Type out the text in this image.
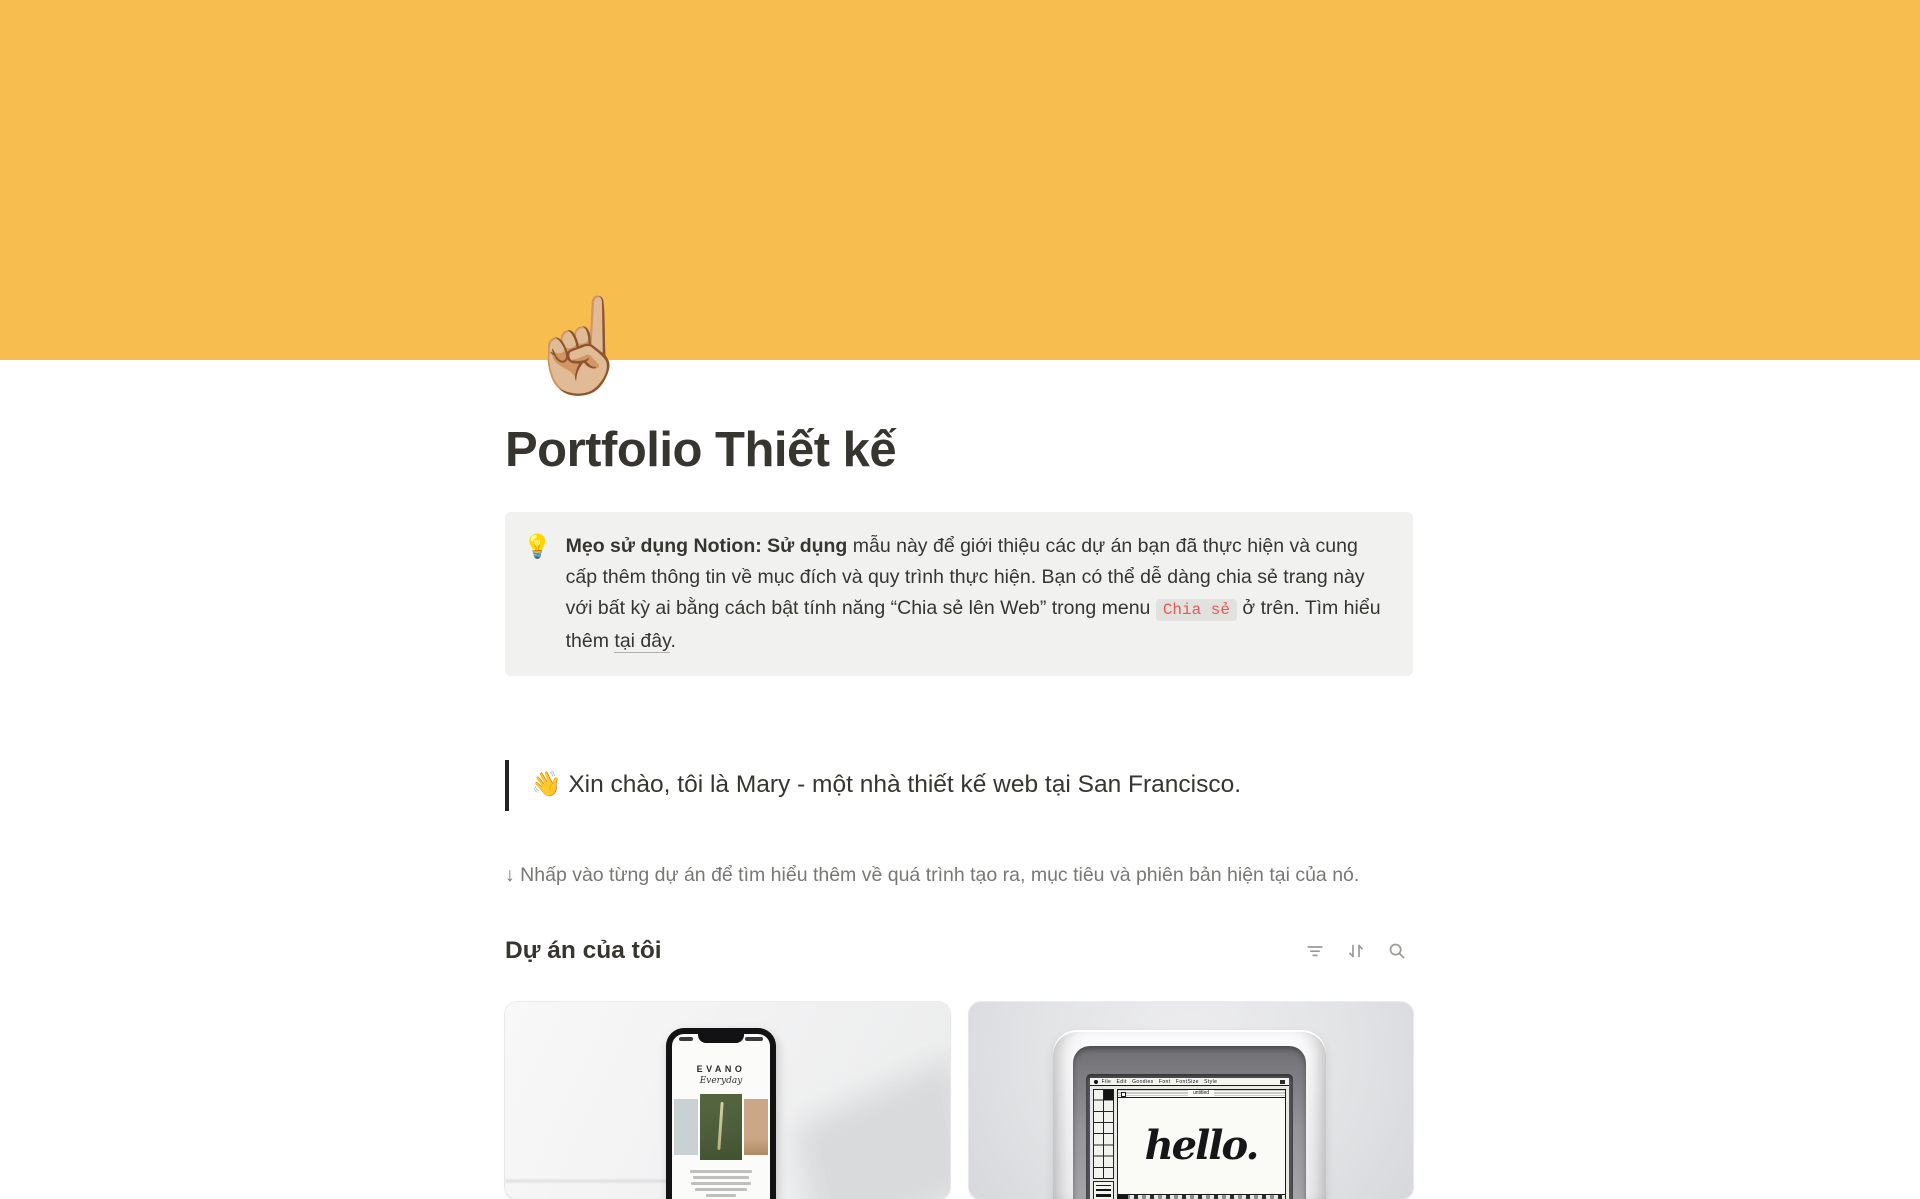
☝🏼
Portfolio Thiết kế
💡 Mẹo sử dụng Notion: Sử dụng mẫu này để giới thiệu các dự án bạn đã thực hiện và cung cấp thêm thông tin về mục đích và quy trình thực hiện. Bạn có thể dễ dàng chia sẻ trang này với bất kỳ ai bằng cách bật tính năng “Chia sẻ lên Web” trong menu Chia sẻ ở trên. Tìm hiểu thêm tại đây.

👋 Xin chào, tôi là Mary - một nhà thiết kế web tại San Francisco.

↓ Nhấp vào từng dự án để tìm hiểu thêm về quá trình tạo ra, mục tiêu và phiên bản hiện tại của nó.

Dự án của tôi
EVANO
Everyday	File   Edit   Goodies   Font   FontSize   Style
untitled
hello.
